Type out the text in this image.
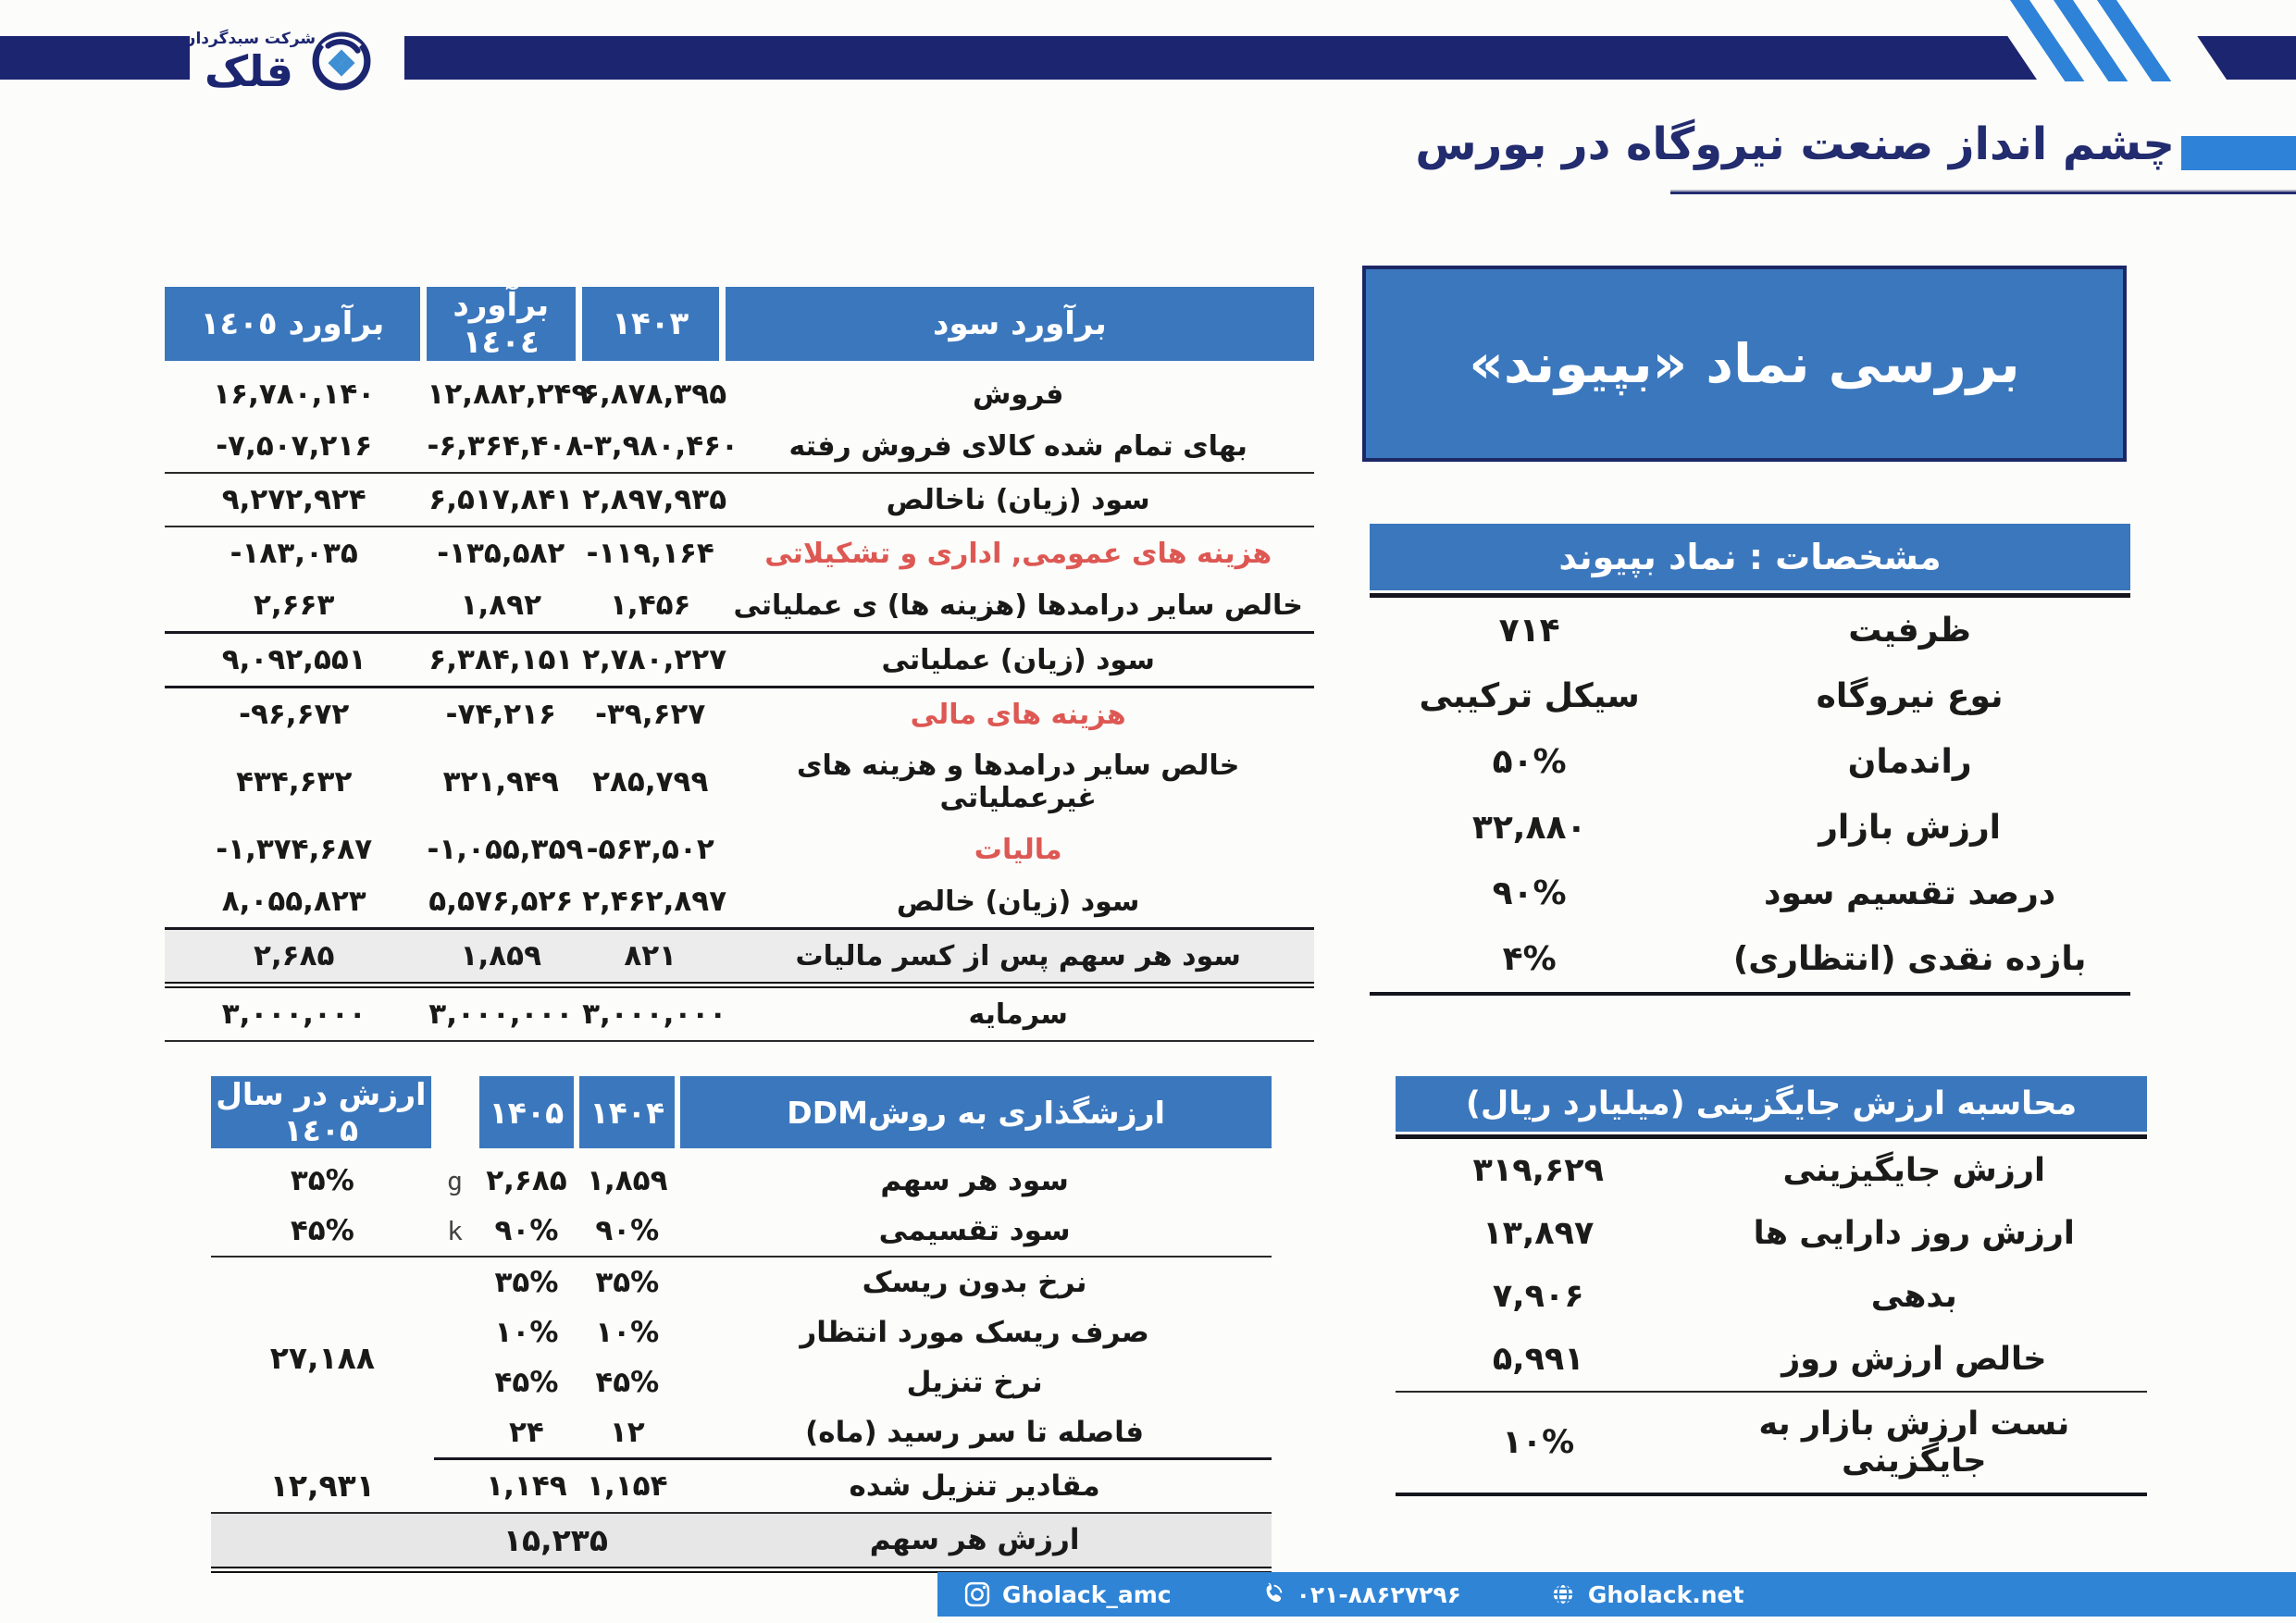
شرکت سبدگردان
قلک
چشم انداز صنعت نیروگاه در بورس
بررسی نماد «بپیوند»
مشخصات : نماد بپیوند
ظرفیت	۷۱۴
نوع نیروگاه	سیکل ترکیبی
راندمان	۵۰%
ارزش بازار	۳۲,۸۸۰
درصد تقسیم سود	۹۰%
بازده نقدی (انتظاری)	۴%
برآورد سود	۱۴۰۳	برآورد ١٤٠٤	برآورد ١٤٠٥
فروش	۶,۸۷۸,۳۹۵	۱۲,۸۸۲,۲۴۹	۱۶,۷۸۰,۱۴۰
بهای تمام شده کالای فروش رفته	-۳,۹۸۰,۴۶۰	-۶,۳۶۴,۴۰۸	-۷,۵۰۷,۲۱۶
سود (زیان) ناخالص	۲,۸۹۷,۹۳۵	۶,۵۱۷,۸۴۱	۹,۲۷۲,۹۲۴
هزینه های عمومی, اداری و تشکیلاتی	-۱۱۹,۱۶۴	-۱۳۵,۵۸۲	-۱۸۳,۰۳۵
خالص سایر درامدها (هزینه ها) ی عملیاتی	۱,۴۵۶	۱,۸۹۲	۲,۶۶۳
سود (زیان) عملیاتی	۲,۷۸۰,۲۲۷	۶,۳۸۴,۱۵۱	۹,۰۹۲,۵۵۱
هزینه های مالی	-۳۹,۶۲۷	-۷۴,۲۱۶	-۹۶,۶۷۲
خالص سایر درامدها و هزینه های غیرعملیاتی	۲۸۵,۷۹۹	۳۲۱,۹۴۹	۴۳۴,۶۳۲
مالیات	-۵۶۳,۵۰۲	-۱,۰۵۵,۳۵۹	-۱,۳۷۴,۶۸۷
سود (زیان) خالص	۲,۴۶۲,۸۹۷	۵,۵۷۶,۵۲۶	۸,۰۵۵,۸۲۳
سود هر سهم پس از کسر مالیات	۸۲۱	۱,۸۵۹	۲,۶۸۵
سرمایه	۳,۰۰۰,۰۰۰	۳,۰۰۰,۰۰۰	۳,۰۰۰,۰۰۰
ارزشگذاری به روشDDM	۱۴۰۴	۱۴۰۵		ارزش در سال ١٤٠۵
سود هر سهم	۱,۸۵۹	۲,۶۸۵	g	۳۵%
سود تقسیمی	۹۰%	۹۰%	k	۴۵%
نرخ بدون ریسک	۳۵%	۳۵%		۲۷,۱۸۸
صرف ریسک مورد انتظار	۱۰%	۱۰%		
نرخ تنزیل	۴۵%	۴۵%		
فاصله تا سر رسید (ماه)	۱۲	۲۴		
مقادیر تنزیل شده	۱,۱۵۴	۱,۱۴۹		۱۲,۹۳۱
ارزش هر سهم	۱۵,۲۳۵			
محاسبه ارزش جایگزینی (میلیارد ریال)
ارزش جایگیزینی	۳۱۹,۶۲۹
ارزش روز دارایی ها	۱۳,۸۹۷
بدهی	۷,۹۰۶
خالص ارزش روز	۵,۹۹۱
نست ارزش بازار به جایگزینی	۱۰%
Gholack_amc	۰۲۱-۸۸۶۲۷۲۹۶	Gholack.net
